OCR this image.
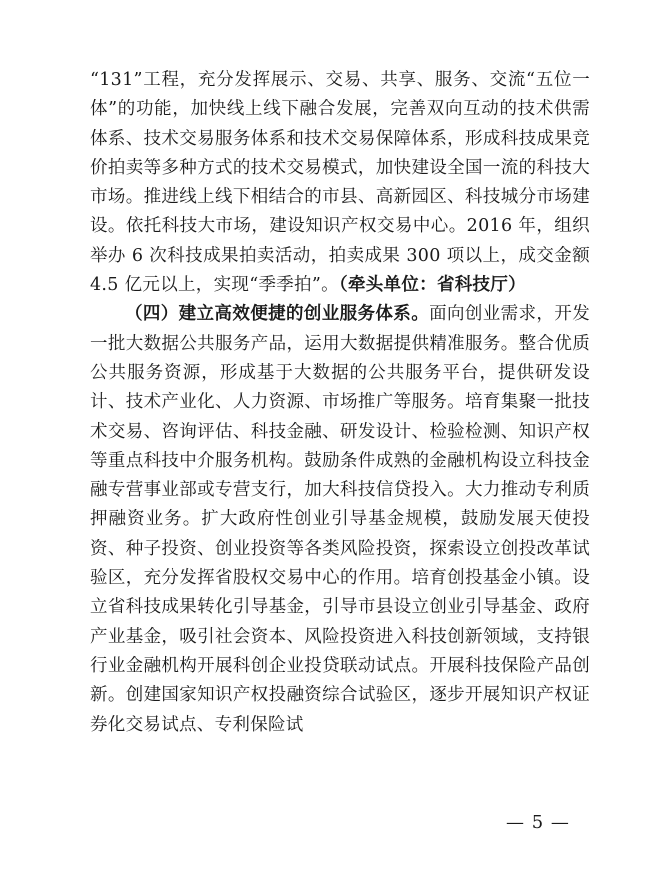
“131”工程，充分发挥展示、交易、共享、服务、交流“五位一体”的功能，加快线上线下融合发展，完善双向互动的技术供需体系、技术交易服务体系和技术交易保障体系，形成科技成果竞价拍卖等多种方式的技术交易模式，加快建设全国一流的科技大市场。推进线上线下相结合的市县、高新园区、科技城分市场建设。依托科技大市场，建设知识产权交易中心。2016 年，组织举办 6 次科技成果拍卖活动，拍卖成果 300 项以上，成交金额 4.5 亿元以上，实现“季季拍”。（牵头单位：省科技厅）

（四）建立高效便捷的创业服务体系。面向创业需求，开发一批大数据公共服务产品，运用大数据提供精准服务。整合优质公共服务资源，形成基于大数据的公共服务平台，提供研发设计、技术产业化、人力资源、市场推广等服务。培育集聚一批技术交易、咨询评估、科技金融、研发设计、检验检测、知识产权等重点科技中介服务机构。鼓励条件成熟的金融机构设立科技金融专营事业部或专营支行，加大科技信贷投入。大力推动专利质押融资业务。扩大政府性创业引导基金规模，鼓励发展天使投资、种子投资、创业投资等各类风险投资，探索设立创投改革试验区，充分发挥省股权交易中心的作用。培育创投基金小镇。设立省科技成果转化引导基金，引导市县设立创业引导基金、政府产业基金，吸引社会资本、风险投资进入科技创新领域，支持银行业金融机构开展科创企业投贷联动试点。开展科技保险产品创新。创建国家知识产权投融资综合试验区，逐步开展知识产权证券化交易试点、专利保险试

— 5 —
